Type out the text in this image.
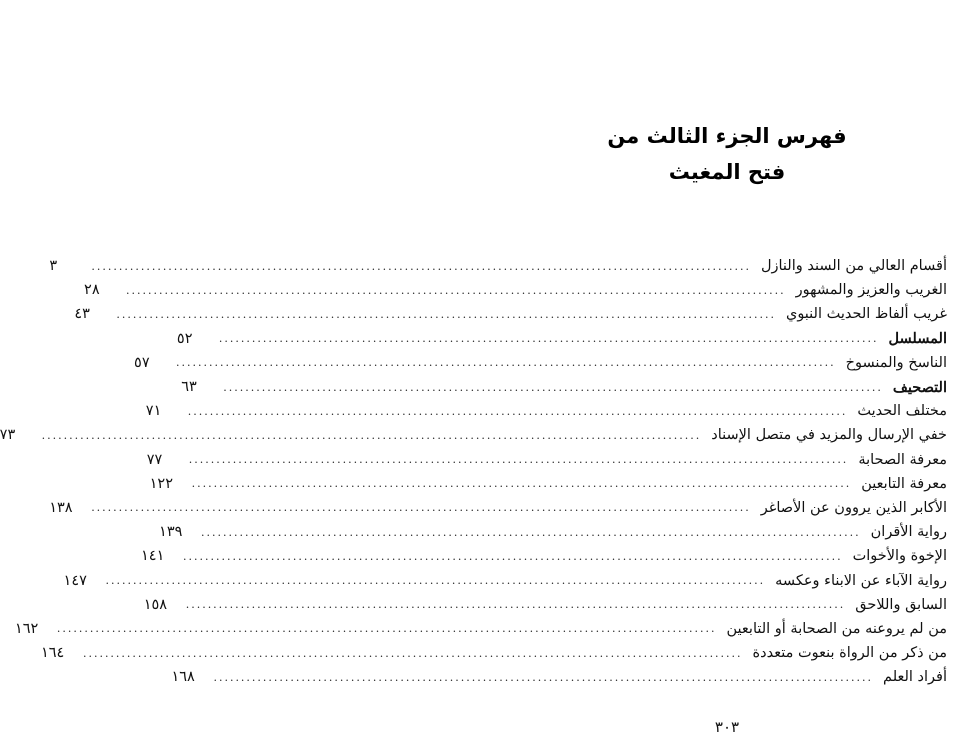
فهرس الجزء الثالث من
فتح المغيث
أقسام العالي من السند والنازل
........................................................................................................................
٣
الغريب والعزيز والمشهور
........................................................................................................................
٢٨
غريب ألفاظ الحديث النبوي
........................................................................................................................
٤٣
المسلسل
........................................................................................................................
٥٢
الناسخ والمنسوخ
........................................................................................................................
٥٧
التصحيف
........................................................................................................................
٦٣
مختلف الحديث
........................................................................................................................
٧١
خفي الإرسال والمزيد في متصل الإسناد
........................................................................................................................
٧٣
معرفة الصحابة
........................................................................................................................
٧٧
معرفة التابعين
........................................................................................................................
١٢٢
الأكابر الذين يروون عن الأصاغر
........................................................................................................................
١٣٨
رواية الأقران
........................................................................................................................
١٣٩
الإخوة والأخوات
........................................................................................................................
١٤١
رواية الآباء عن الابناء وعكسه
........................................................................................................................
١٤٧
السابق واللاحق
........................................................................................................................
١٥٨
من لم يروعنه من الصحابة أو التابعين
........................................................................................................................
١٦٢
من ذكر من الرواة بنعوت متعددة
........................................................................................................................
١٦٤
أفراد العلم
........................................................................................................................
١٦٨
٣٠٣
